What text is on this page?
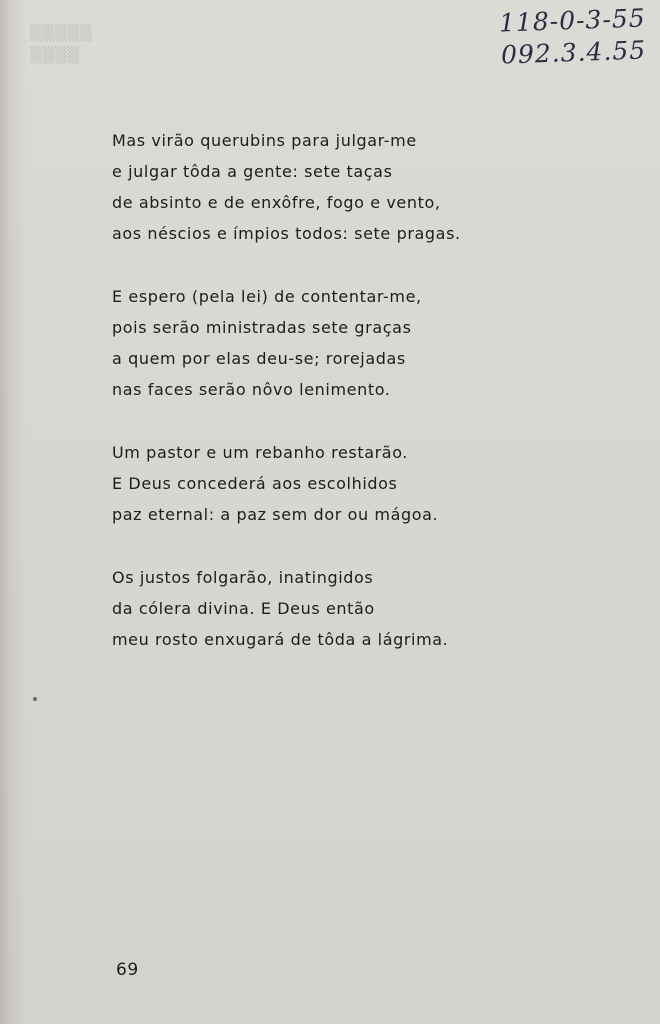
▒▒▒▒▒
▒▒▒▒
118-0-3-55
092.3.4.55
Mas virão querubins para julgar-me
e julgar tôda a gente: sete taças
de absinto e de enxôfre, fogo e vento,
aos néscios e ímpios todos: sete pragas.
E espero (pela lei) de contentar-me,
pois serão ministradas sete graças
a quem por elas deu-se; rorejadas
nas faces serão nôvo lenimento.
Um pastor e um rebanho restarão.
E Deus concederá aos escolhidos
paz eternal: a paz sem dor ou mágoa.
Os justos folgarão, inatingidos
da cólera divina. E Deus então
meu rosto enxugará de tôda a lágrima.
69
